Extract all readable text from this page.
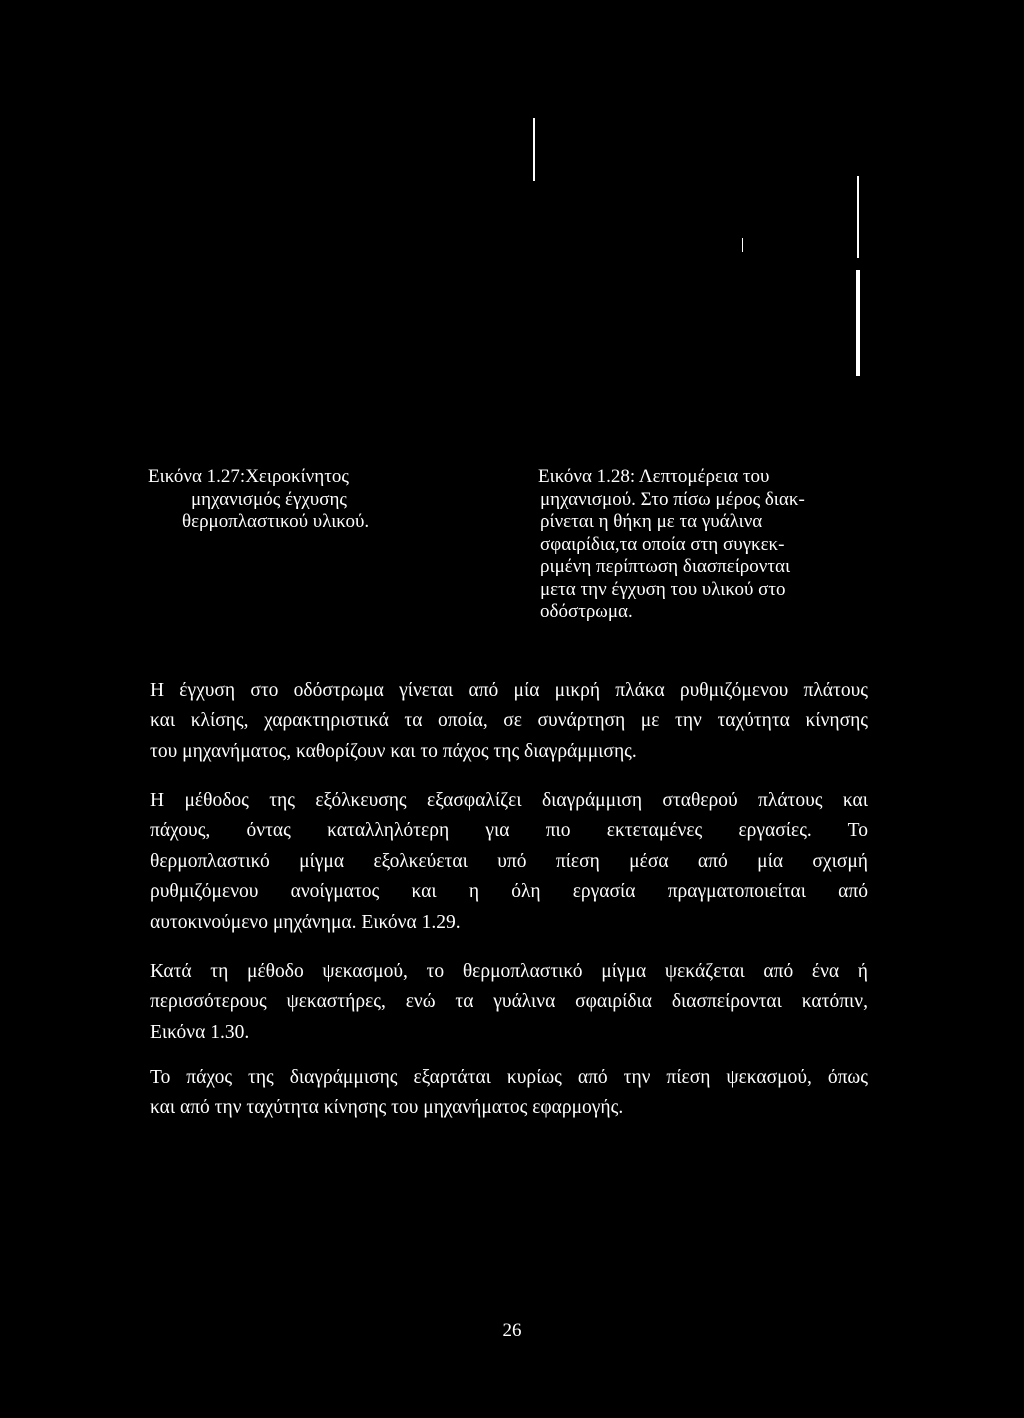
Εικόνα 1.27:Χειροκίνητος
μηχανισμός έγχυσης
θερμοπλαστικού υλικού.
Εικόνα 1.28: Λεπτομέρεια του
μηχανισμού. Στο πίσω μέρος διακ-
ρίνεται η θήκη με τα γυάλινα
σφαιρίδια,τα οποία στη συγκεκ-
ριμένη περίπτωση διασπείρονται
μετα την έγχυση του υλικού στο
οδόστρωμα.
Η έγχυση στο οδόστρωμα γίνεται από μία μικρή πλάκα ρυθμιζόμενου πλάτους
και κλίσης, χαρακτηριστικά τα οποία, σε συνάρτηση με την ταχύτητα κίνησης
του μηχανήματος, καθορίζουν και το πάχος της διαγράμμισης.
Η μέθοδος της εξόλκευσης εξασφαλίζει διαγράμμιση σταθερού πλάτους και
πάχους, όντας καταλληλότερη για πιο εκτεταμένες εργασίες. Το
θερμοπλαστικό μίγμα εξολκεύεται υπό πίεση μέσα από μία σχισμή
ρυθμιζόμενου ανοίγματος και η όλη εργασία πραγματοποιείται από
αυτοκινούμενο μηχάνημα. Εικόνα 1.29.
Κατά τη μέθοδο ψεκασμού, το θερμοπλαστικό μίγμα ψεκάζεται από ένα ή
περισσότερους ψεκαστήρες, ενώ τα γυάλινα σφαιρίδια διασπείρονται κατόπιν,
Εικόνα 1.30.
Το πάχος της διαγράμμισης εξαρτάται κυρίως από την πίεση ψεκασμού, όπως
και από την ταχύτητα κίνησης του μηχανήματος εφαρμογής.
26
